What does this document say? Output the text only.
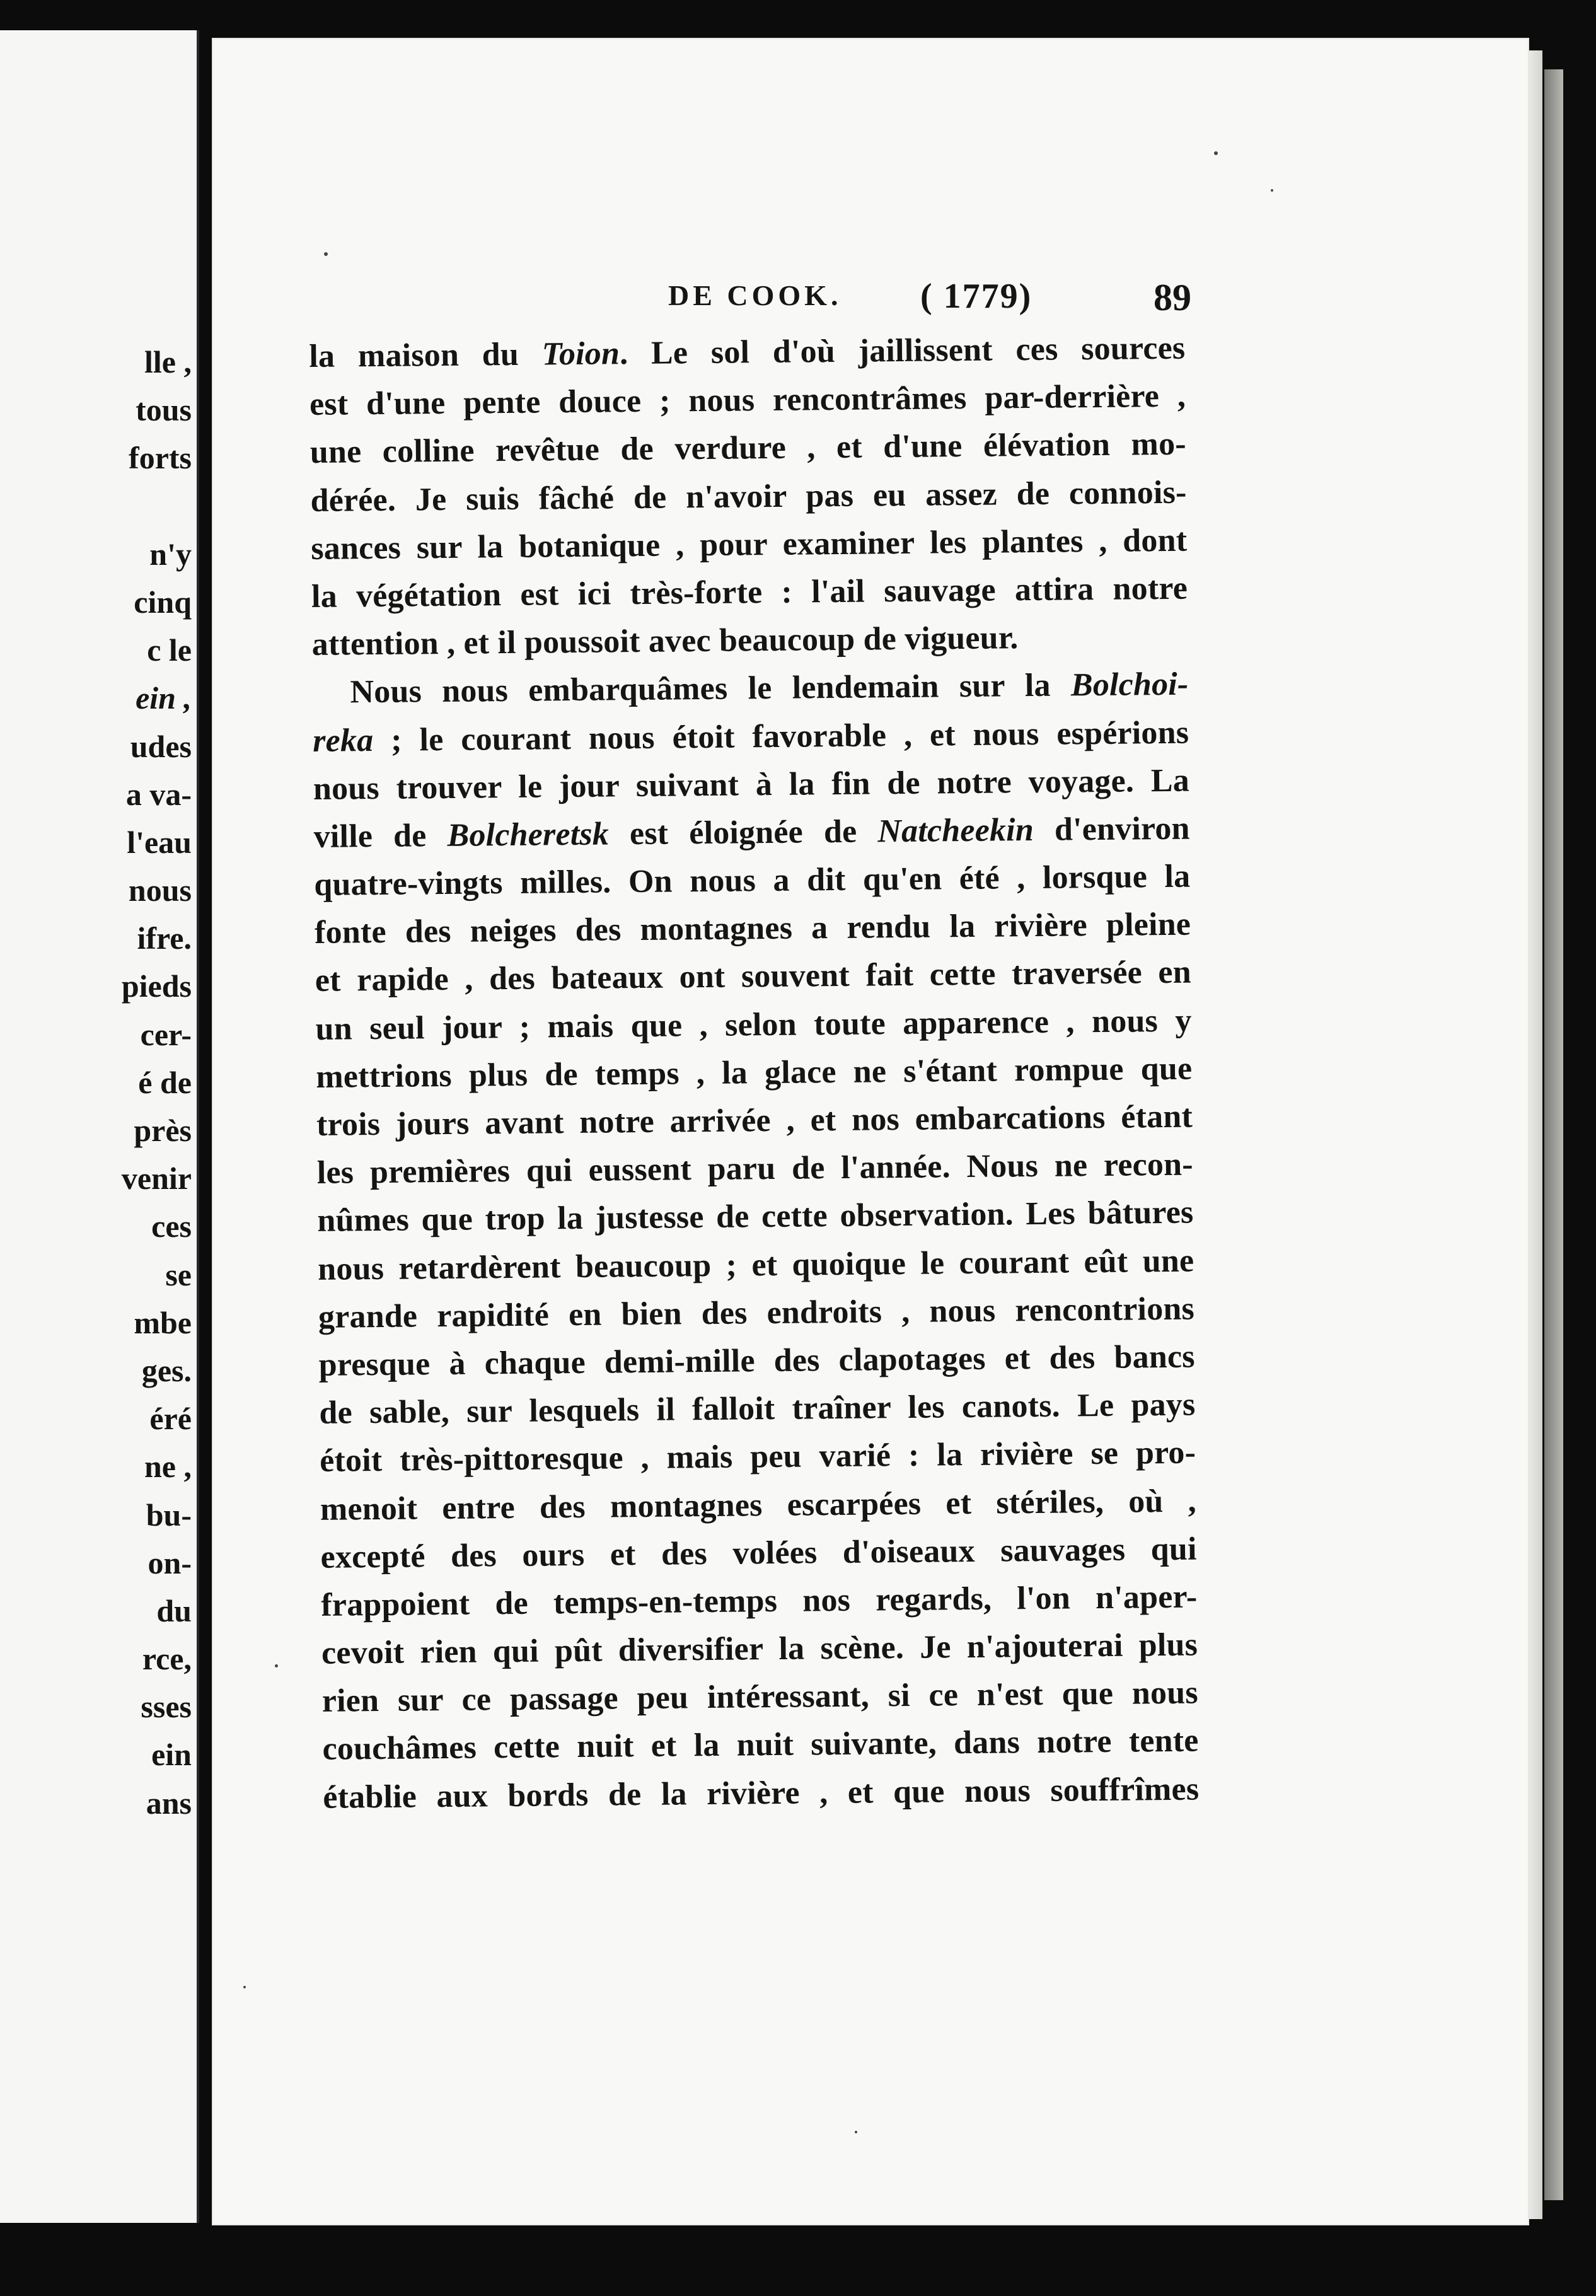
lle ,
tous
forts
n'y
cinq
c le
ein ,
udes
a va-
l'eau
nous
ifre.
pieds
cer-
é de
près
venir
ces
se
mbe
ges.
éré
ne ,
bu-
on-
du
rce,
sses
ein
ans
DE COOK. ( 1779)	89
la maison du Toion. Le sol d'où jaillissent ces sources
est d'une pente douce ; nous rencontrâmes par-derrière ,
une colline revêtue de verdure , et d'une élévation mo-
dérée. Je suis fâché de n'avoir pas eu assez de connois-
sances sur la botanique , pour examiner les plantes , dont
la végétation est ici très-forte : l'ail sauvage attira notre
attention , et il poussoit avec beaucoup de vigueur.
Nous nous embarquâmes le lendemain sur la Bolchoi-
reka ; le courant nous étoit favorable , et nous espérions
nous trouver le jour suivant à la fin de notre voyage. La
ville de Bolcheretsk est éloignée de Natcheekin d'environ
quatre-vingts milles. On nous a dit qu'en été , lorsque la
fonte des neiges des montagnes a rendu la rivière pleine
et rapide , des bateaux ont souvent fait cette traversée en
un seul jour ; mais que , selon toute apparence , nous y
mettrions plus de temps , la glace ne s'étant rompue que
trois jours avant notre arrivée , et nos embarcations étant
les premières qui eussent paru de l'année. Nous ne recon-
nûmes que trop la justesse de cette observation. Les bâtures
nous retardèrent beaucoup ; et quoique le courant eût une
grande rapidité en bien des endroits , nous rencontrions
presque à chaque demi-mille des clapotages et des bancs
de sable, sur lesquels il falloit traîner les canots. Le pays
étoit très-pittoresque , mais peu varié : la rivière se pro-
menoit entre des montagnes escarpées et stériles, où ,
excepté des ours et des volées d'oiseaux sauvages qui
frappoient de temps-en-temps nos regards, l'on n'aper-
cevoit rien qui pût diversifier la scène. Je n'ajouterai plus
rien sur ce passage peu intéressant, si ce n'est que nous
couchâmes cette nuit et la nuit suivante, dans notre tente
établie aux bords de la rivière , et que nous souffrîmes
